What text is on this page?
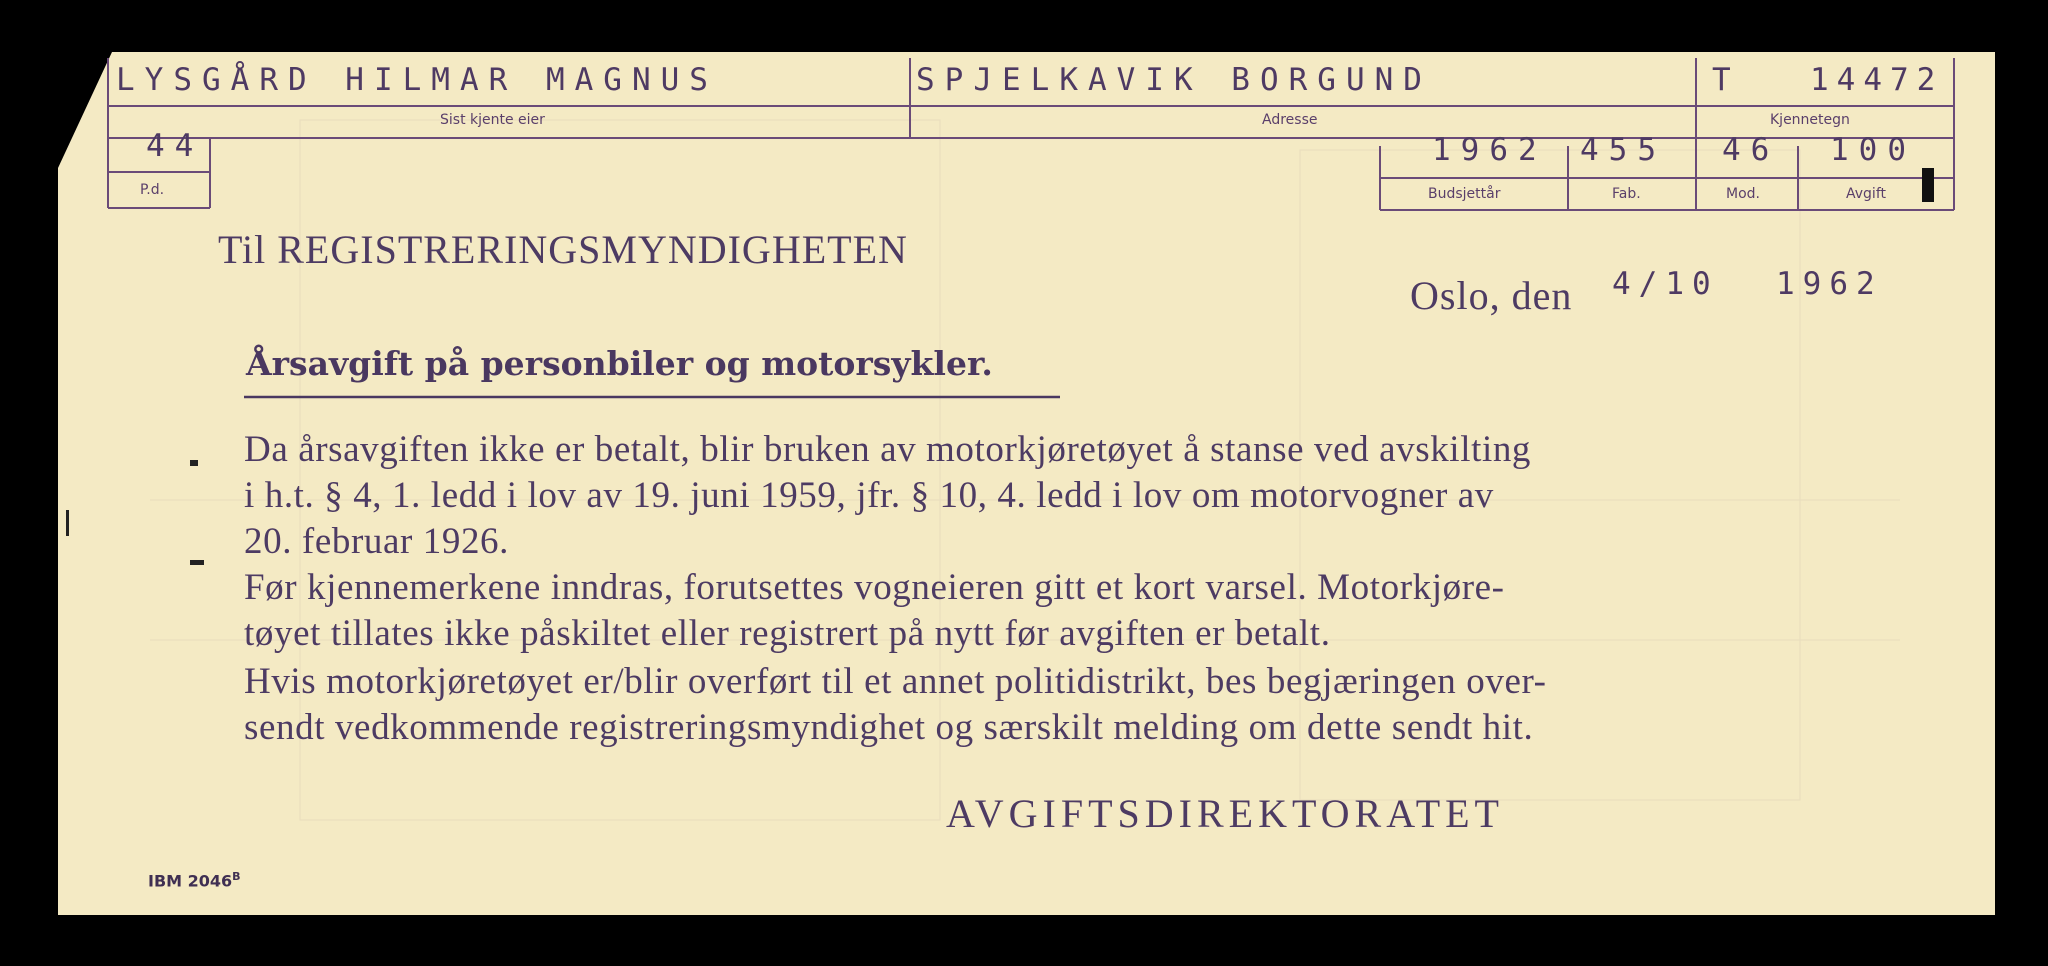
LYSGÅRD HILMAR MAGNUS
Sist kjente eier
SPJELKAVIK BORGUND
Adresse
T 14472
Kjennetegn
44
P.d.
1962
Budsjettår
455
Fab.
46
Mod.
100
Avgift
Til REGISTRERINGSMYNDIGHETEN
Oslo, den 4/10 1962
Årsavgift på personbiler og motorsykler.
Da årsavgiften ikke er betalt, blir bruken av motorkjøretøyet å stanse ved avskilting
i h.t. § 4, 1. ledd i lov av 19. juni 1959, jfr. § 10, 4. ledd i lov om motorvogner av
20. februar 1926.
Før kjennemerkene inndras, forutsettes vogneieren gitt et kort varsel. Motorkjøre-
tøyet tillates ikke påskiltet eller registrert på nytt før avgiften er betalt.
Hvis motorkjøretøyet er/blir overført til et annet politidistrikt, bes begjæringen over-
sendt vedkommende registreringsmyndighet og særskilt melding om dette sendt hit.
AVGIFTSDIREKTORATET
IBM $2046^B$
